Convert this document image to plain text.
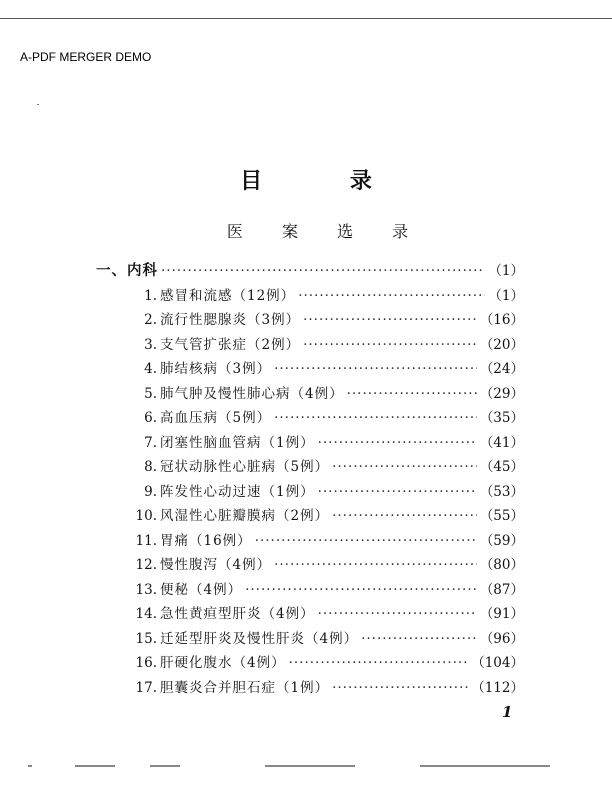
A-PDF MERGER DEMO
目 录
医 案 选 录
一、内科 ·····	（1）
1. 感冒和流感（12例） ·····	（1）
2. 流行性腮腺炎（3例） ·····	（16）
3. 支气管扩张症（2例） ·····	（20）
4. 肺结核病（3例） ·····	（24）
5. 肺气肿及慢性肺心病（4例） ·····	（29）
6. 高血压病（5例） ·····	（35）
7. 闭塞性脑血管病（1例） ·····	（41）
8. 冠状动脉性心脏病（5例） ·····	（45）
9. 阵发性心动过速（1例） ·····	（53）
10. 风湿性心脏瓣膜病（2例） ·····	（55）
11. 胃痛（16例） ·····	（59）
12. 慢性腹泻（4例） ·····	（80）
13. 便秘（4例） ·····	（87）
14. 急性黄疸型肝炎（4例） ·····	（91）
15. 迁延型肝炎及慢性肝炎（4例） ·····	（96）
16. 肝硬化腹水（4例） ·····	（104）
17. 胆囊炎合并胆石症（1例） ·····	（112）
1
